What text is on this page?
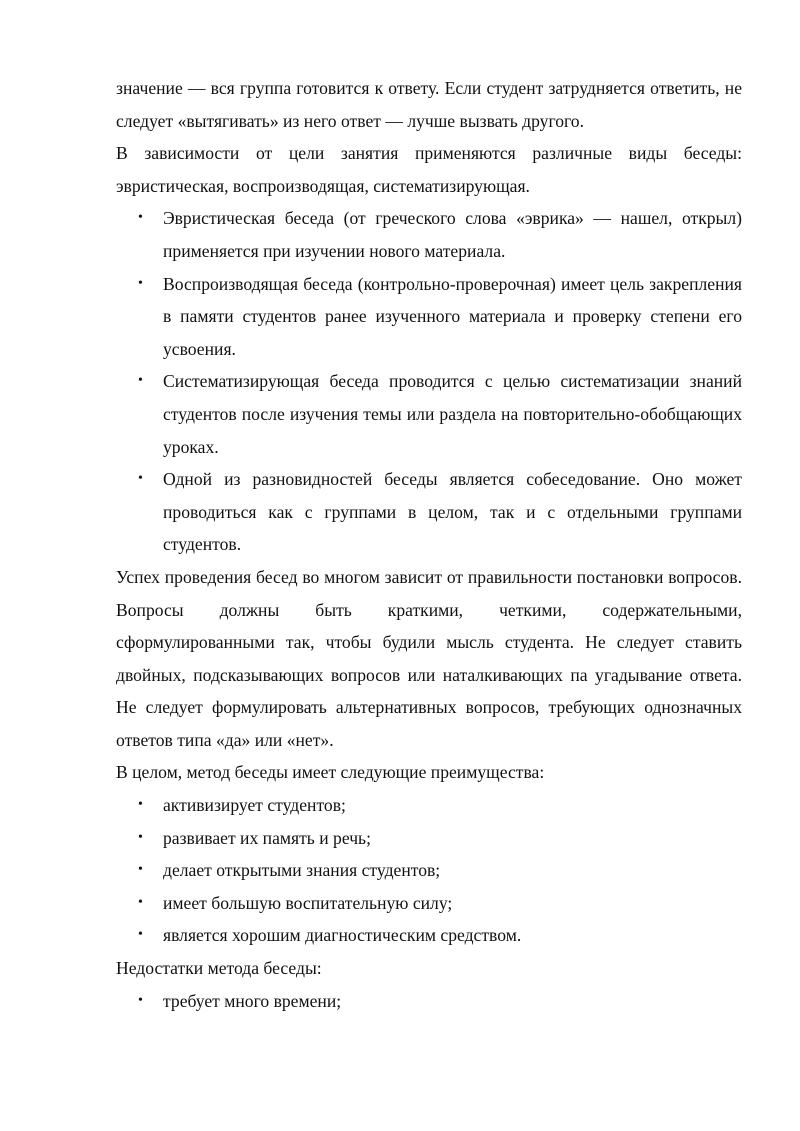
значение — вся группа готовится к ответу. Если студент затрудняется ответить, не следует «вытягивать» из него ответ — лучше вызвать другого.

В зависимости от цели занятия применяются различные виды беседы: эвристическая, воспроизводящая, систематизирующая.

• Эвристическая беседа (от греческого слова «эврика» — нашел, открыл) применяется при изучении нового материала.
• Воспроизводящая беседа (контрольно-проверочная) имеет цель закрепления в памяти студентов ранее изученного материала и проверку степени его усвоения.
• Систематизирующая беседа проводится с целью систематизации знаний студентов после изучения темы или раздела на повторительно-обобщающих уроках.
• Одной из разновидностей беседы является собеседование. Оно может проводиться как с группами в целом, так и с отдельными группами студентов.

Успех проведения бесед во многом зависит от правильности постановки вопросов. Вопросы должны быть краткими, четкими, содержательными, сформулированными так, чтобы будили мысль студента. Не следует ставить двойных, подсказывающих вопросов или наталкивающих па угадывание ответа. Не следует формулировать альтернативных вопросов, требующих однозначных ответов типа «да» или «нет».

В целом, метод беседы имеет следующие преимущества:

• активизирует студентов;
• развивает их память и речь;
• делает открытыми знания студентов;
• имеет большую воспитательную силу;
• является хорошим диагностическим средством.

Недостатки метода беседы:

• требует много времени;
